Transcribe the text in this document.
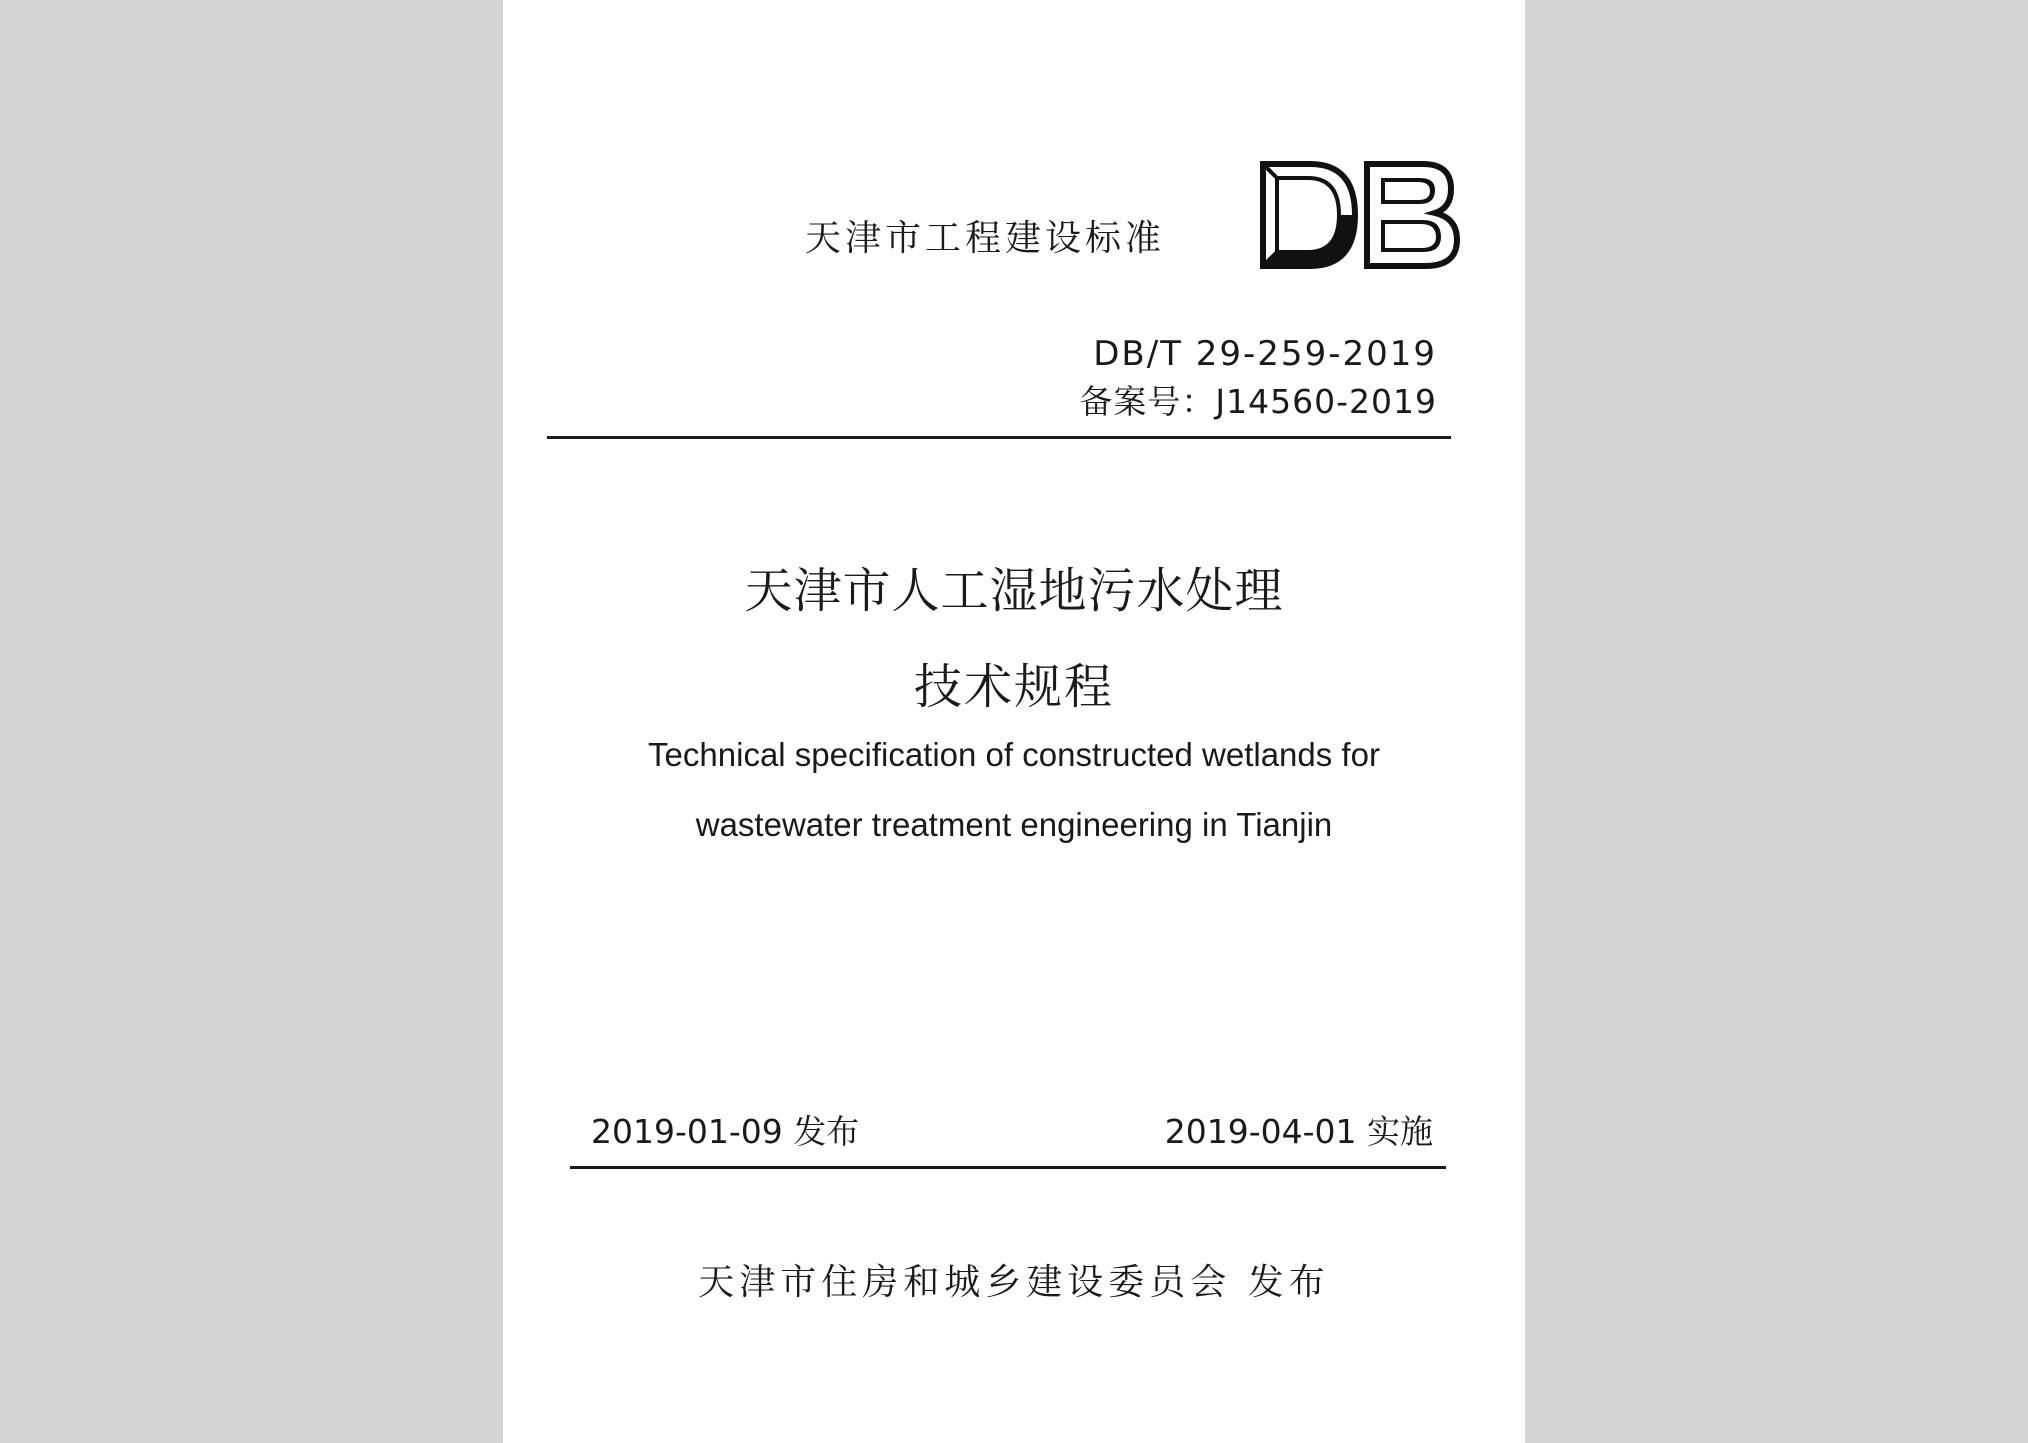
天津市工程建设标准
DB/T 29-259-2019
备案号：J14560-2019
天津市人工湿地污水处理
技术规程
Technical specification of constructed wetlands for
wastewater treatment engineering in Tianjin
2019-01-09 发布	2019-04-01 实施
天津市住房和城乡建设委员会 发布
